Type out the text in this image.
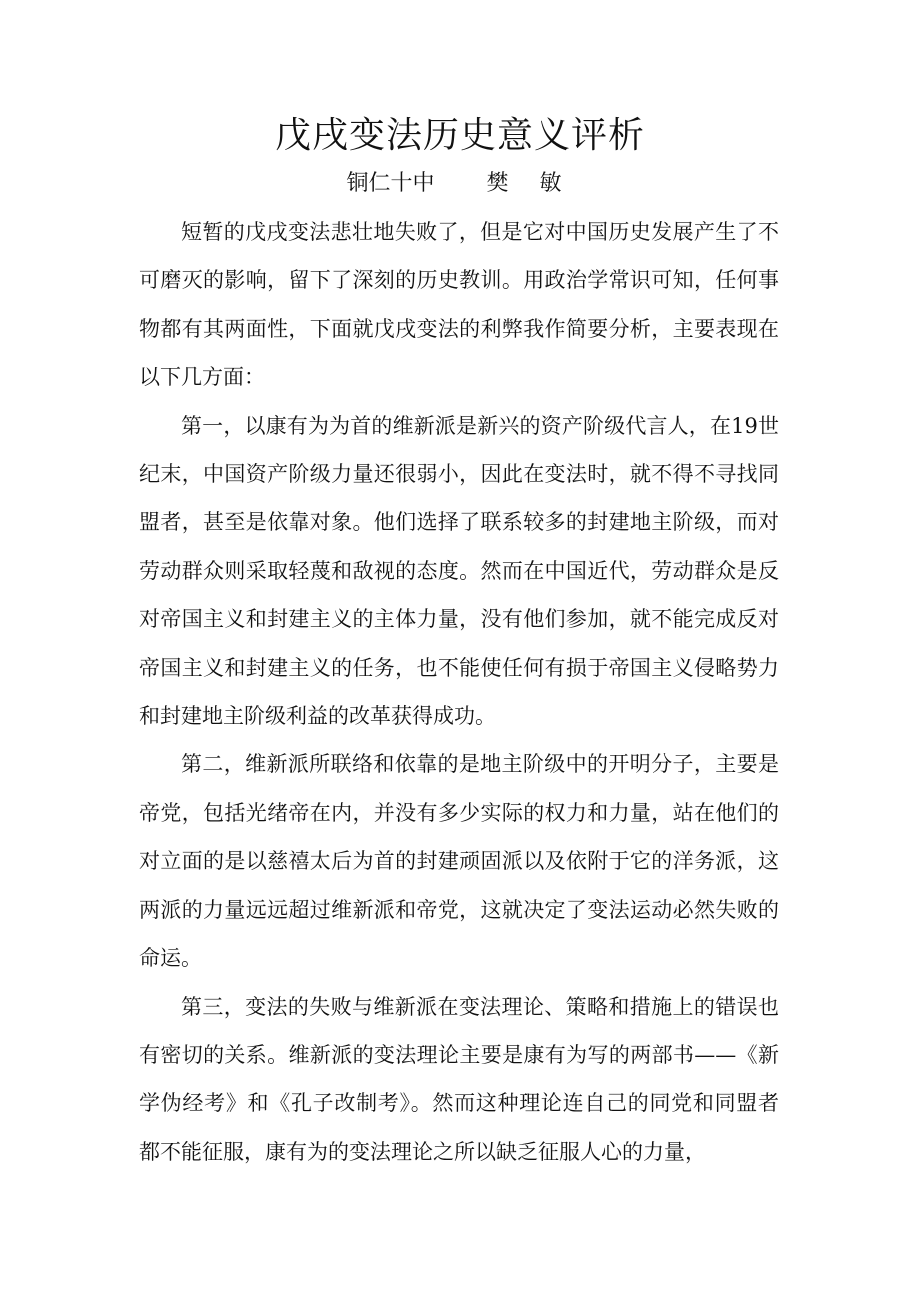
戊戌变法历史意义评析
铜仁十中 樊 敏

短暂的戊戌变法悲壮地失败了，但是它对中国历史发展产生了不可磨灭的影响，留下了深刻的历史教训。用政治学常识可知，任何事物都有其两面性，下面就戊戌变法的利弊我作简要分析，主要表现在以下几方面：

第一，以康有为为首的维新派是新兴的资产阶级代言人，在19世纪末，中国资产阶级力量还很弱小，因此在变法时，就不得不寻找同盟者，甚至是依靠对象。他们选择了联系较多的封建地主阶级，而对劳动群众则采取轻蔑和敌视的态度。然而在中国近代，劳动群众是反对帝国主义和封建主义的主体力量，没有他们参加，就不能完成反对帝国主义和封建主义的任务，也不能使任何有损于帝国主义侵略势力和封建地主阶级利益的改革获得成功。

第二，维新派所联络和依靠的是地主阶级中的开明分子，主要是帝党，包括光绪帝在内，并没有多少实际的权力和力量，站在他们的对立面的是以慈禧太后为首的封建顽固派以及依附于它的洋务派，这两派的力量远远超过维新派和帝党，这就决定了变法运动必然失败的命运。

第三，变法的失败与维新派在变法理论、策略和措施上的错误也有密切的关系。维新派的变法理论主要是康有为写的两部书——《新学伪经考》和《孔子改制考》。然而这种理论连自己的同党和同盟者都不能征服，康有为的变法理论之所以缺乏征服人心的力量，
